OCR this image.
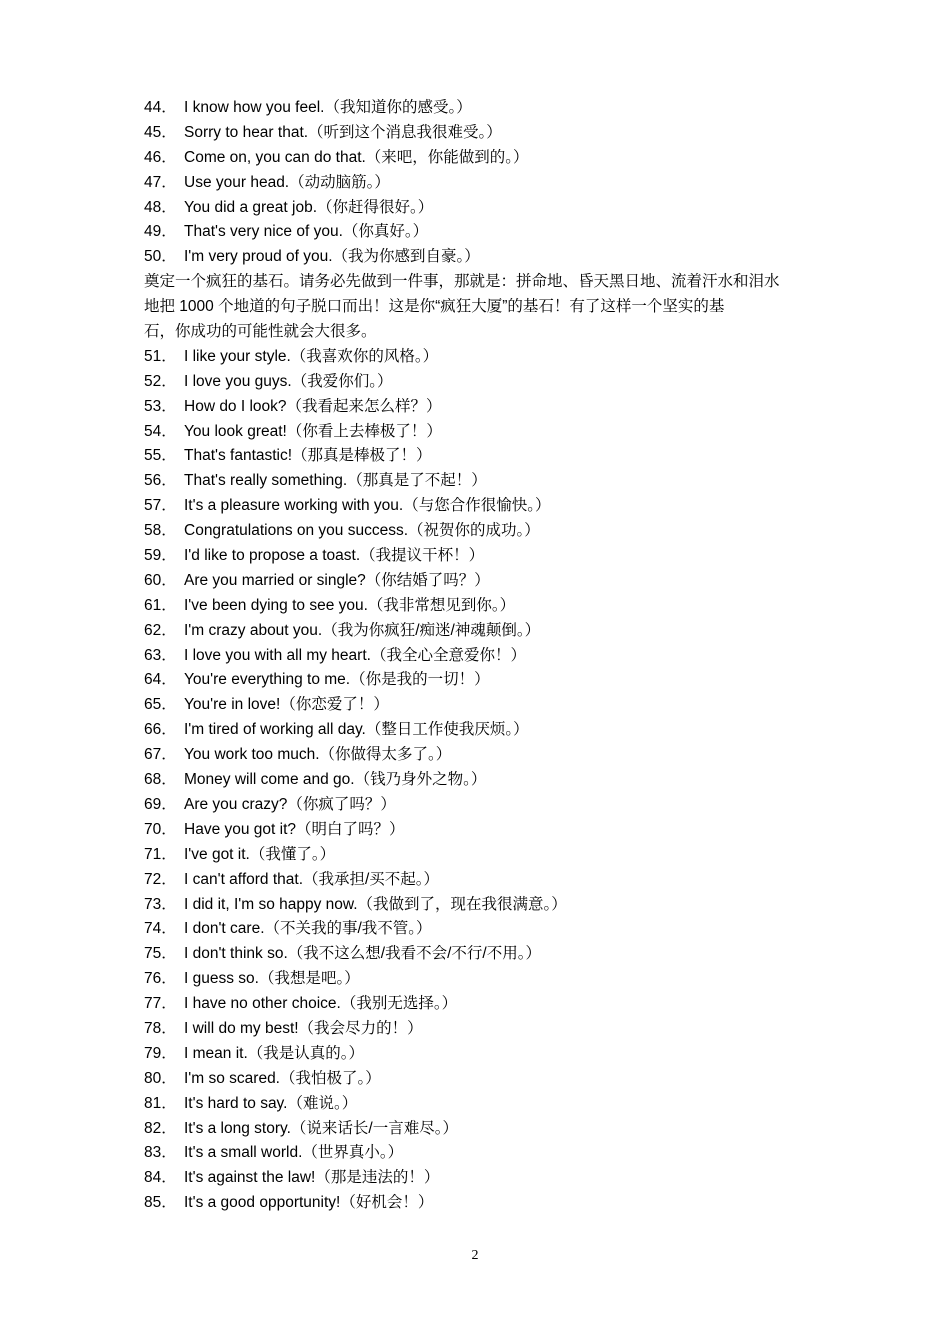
44． I know how you feel.（我知道你的感受。）
45． Sorry to hear that.（听到这个消息我很难受。）
46． Come on, you can do that.（来吧，你能做到的。）
47． Use your head.（动动脑筋。）
48． You did a great job.（你赶得很好。）
49． That's very nice of you.（你真好。）
50． I'm very proud of you.（我为你感到自豪。）
奠定一个疯狂的基石。请务必先做到一件事，那就是：拼命地、昏天黑日地、流着汗水和泪水
地把 1000 个地道的句子脱口而出！这是你“疯狂大厦”的基石！有了这样一个坚实的基
石，你成功的可能性就会大很多。
51． I like your style.（我喜欢你的风格。）
52． I love you guys.（我爱你们。）
53． How do I look?（我看起来怎么样？）
54． You look great!（你看上去棒极了！）
55． That's fantastic!（那真是棒极了！）
56． That's really something.（那真是了不起！）
57． It's a pleasure working with you.（与您合作很愉快。）
58． Congratulations on you success.（祝贺你的成功。）
59． I'd like to propose a toast.（我提议干杯！）
60． Are you married or single?（你结婚了吗？）
61． I've been dying to see you.（我非常想见到你。）
62． I'm crazy about you.（我为你疯狂/痴迷/神魂颠倒。）
63． I love you with all my heart.（我全心全意爱你！）
64． You're everything to me.（你是我的一切！）
65． You're in love!（你恋爱了！）
66． I'm tired of working all day.（整日工作使我厌烦。）
67． You work too much.（你做得太多了。）
68． Money will come and go.（钱乃身外之物。）
69． Are you crazy?（你疯了吗？）
70． Have you got it?（明白了吗？）
71． I've got it.（我懂了。）
72． I can't afford that.（我承担/买不起。）
73． I did it, I'm so happy now.（我做到了，现在我很满意。）
74． I don't care.（不关我的事/我不管。）
75． I don't think so.（我不这么想/我看不会/不行/不用。）
76． I guess so.（我想是吧。）
77． I have no other choice.（我别无选择。）
78． I will do my best!（我会尽力的！）
79． I mean it.（我是认真的。）
80． I'm so scared.（我怕极了。）
81． It's hard to say.（难说。）
82． It's a long story.（说来话长/一言难尽。）
83． It's a small world.（世界真小。）
84． It's against the law!（那是违法的！）
85． It's a good opportunity!（好机会！）
2
